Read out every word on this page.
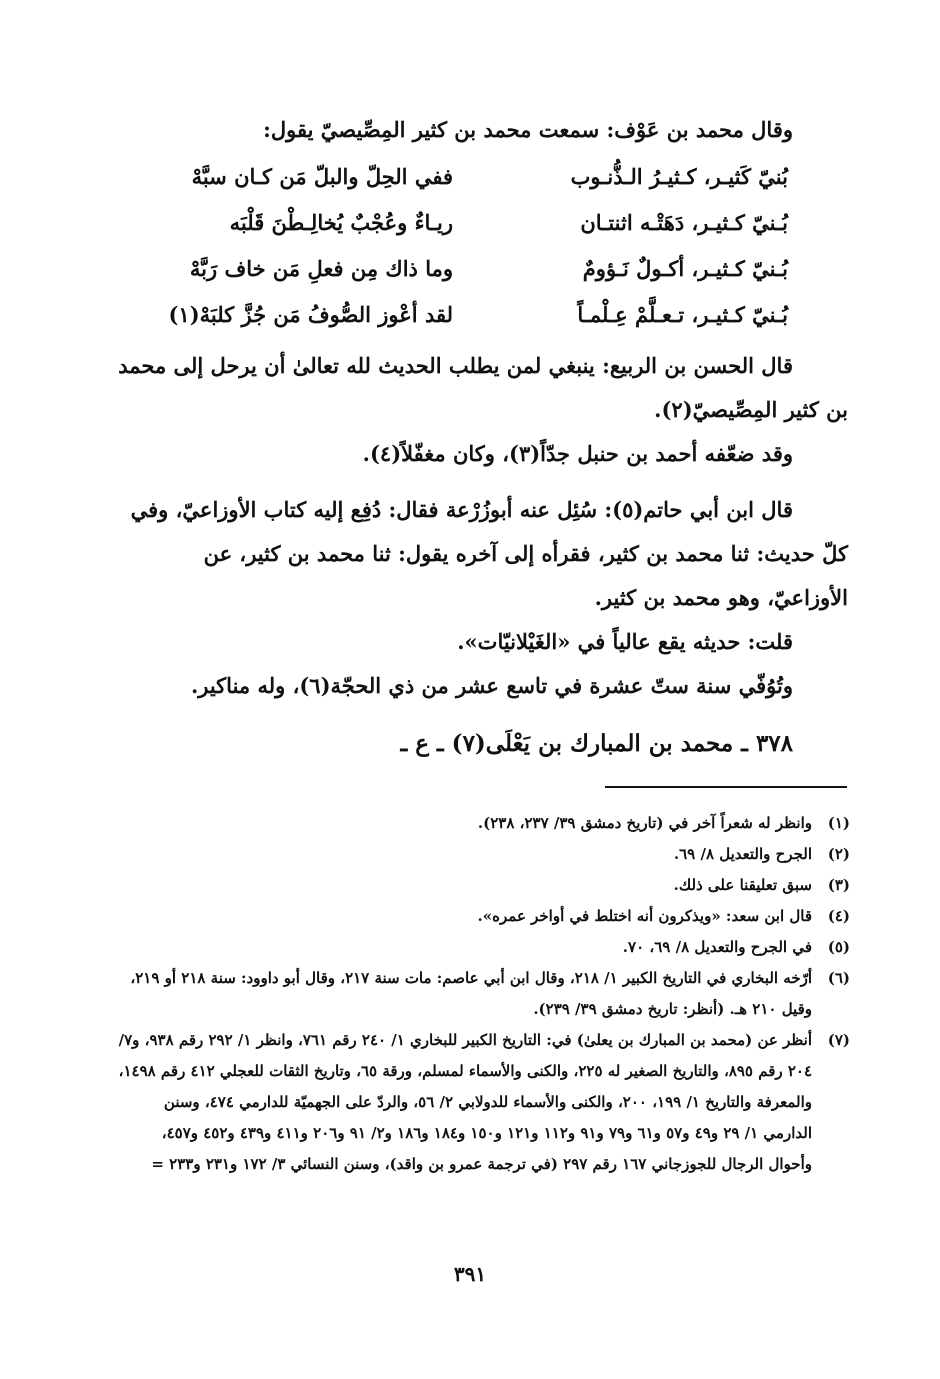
وقال محمد بن عَوْف: سمعت محمد بن كثير المِصِّيصيّ يقول:

بُنيّ كَثيـر، كـثيـرُ الـذُّنـوب
ففي الحِلّ والبلّ مَن كـان سبَّهْ
بُـنيّ كـثيـر، دَهَتْـه اثنتـان
ريـاءٌ وعُجْبٌ يُخالِـطْنَ قَلْبَه
بُـنيّ كـثيـر، أكـولٌ نَـؤومٌ
وما ذاك مِن فعلِ مَن خاف رَبَّهْ
بُـنيّ كـثيـر، تـعـلَّمْ عِـلْمـاً
لقد أعْوز الصُّوفُ مَن جُزَّ كلبَهْ(١)

قال الحسن بن الربيع: ينبغي لمن يطلب الحديث لله تعالىٰ أن يرحل إلى محمد بن كثير المِصِّيصيّ(٢).

وقد ضعّفه أحمد بن حنبل جدّاً(٣)، وكان مغفّلاً(٤).

قال ابن أبي حاتم(٥): سُئِل عنه أبوزُرْعة فقال: دُفِع إليه كتاب الأوزاعيّ، وفي كلّ حديث: ثنا محمد بن كثير، فقرأه إلى آخره يقول: ثنا محمد بن كثير، عن الأوزاعيّ، وهو محمد بن كثير.

قلت: حديثه يقع عالياً في «الغَيْلانيّات».

وتُوُفّي سنة ستّ عشرة في تاسع عشر من ذي الحجّة(٦)، وله مناكير.

٣٧٨ ـ محمد بن المبارك بن يَعْلَى(٧) ـ ع ـ

(١)
وانظر له شعراً آخر في (تاريخ دمشق ٣٩/ ٢٣٧، ٢٣٨).
(٢)
الجرح والتعديل ٨/ ٦٩.
(٣)
سبق تعليقنا على ذلك.
(٤)
قال ابن سعد: «ويذكرون أنه اختلط في أواخر عمره».
(٥)
في الجرح والتعديل ٨/ ٦٩، ٧٠.
(٦)
أرّخه البخاري في التاريخ الكبير ١/ ٢١٨، وقال ابن أبي عاصم: مات سنة ٢١٧، وقال أبو داوود: سنة ٢١٨ أو ٢١٩، وقيل ٢١٠ هـ. (أنظر: تاريخ دمشق ٣٩/ ٢٣٩).
(٧)
أنظر عن (محمد بن المبارك بن يعلىٰ) في: التاريخ الكبير للبخاري ١/ ٢٤٠ رقم ٧٦١، وانظر ١/ ٢٩٢ رقم ٩٣٨، و٧/ ٢٠٤ رقم ٨٩٥، والتاريخ الصغير له ٢٢٥، والكنى والأسماء لمسلم، ورقة ٦٥، وتاريخ الثقات للعجلي ٤١٢ رقم ١٤٩٨، والمعرفة والتاريخ ١/ ١٩٩، ٢٠٠، والكنى والأسماء للدولابي ٢/ ٥٦، والردّ على الجهميّة للدارمي ٤٧٤، وسنن الدارمي ١/ ٢٩ و٤٩ و٥٧ و٦١ و٧٩ و٩١ و١١٢ و١٢١ و١٥٠ و١٨٤ و١٨٦ و٢/ ٩١ و٢٠٦ و٤١١ و٤٣٩ و٤٥٢ و٤٥٧، وأحوال الرجال للجوزجاني ١٦٧ رقم ٢٩٧ (في ترجمة عمرو بن واقد)، وسنن النسائي ٣/ ١٧٢ و٢٣١ و٢٣٣ =
٣٩١
